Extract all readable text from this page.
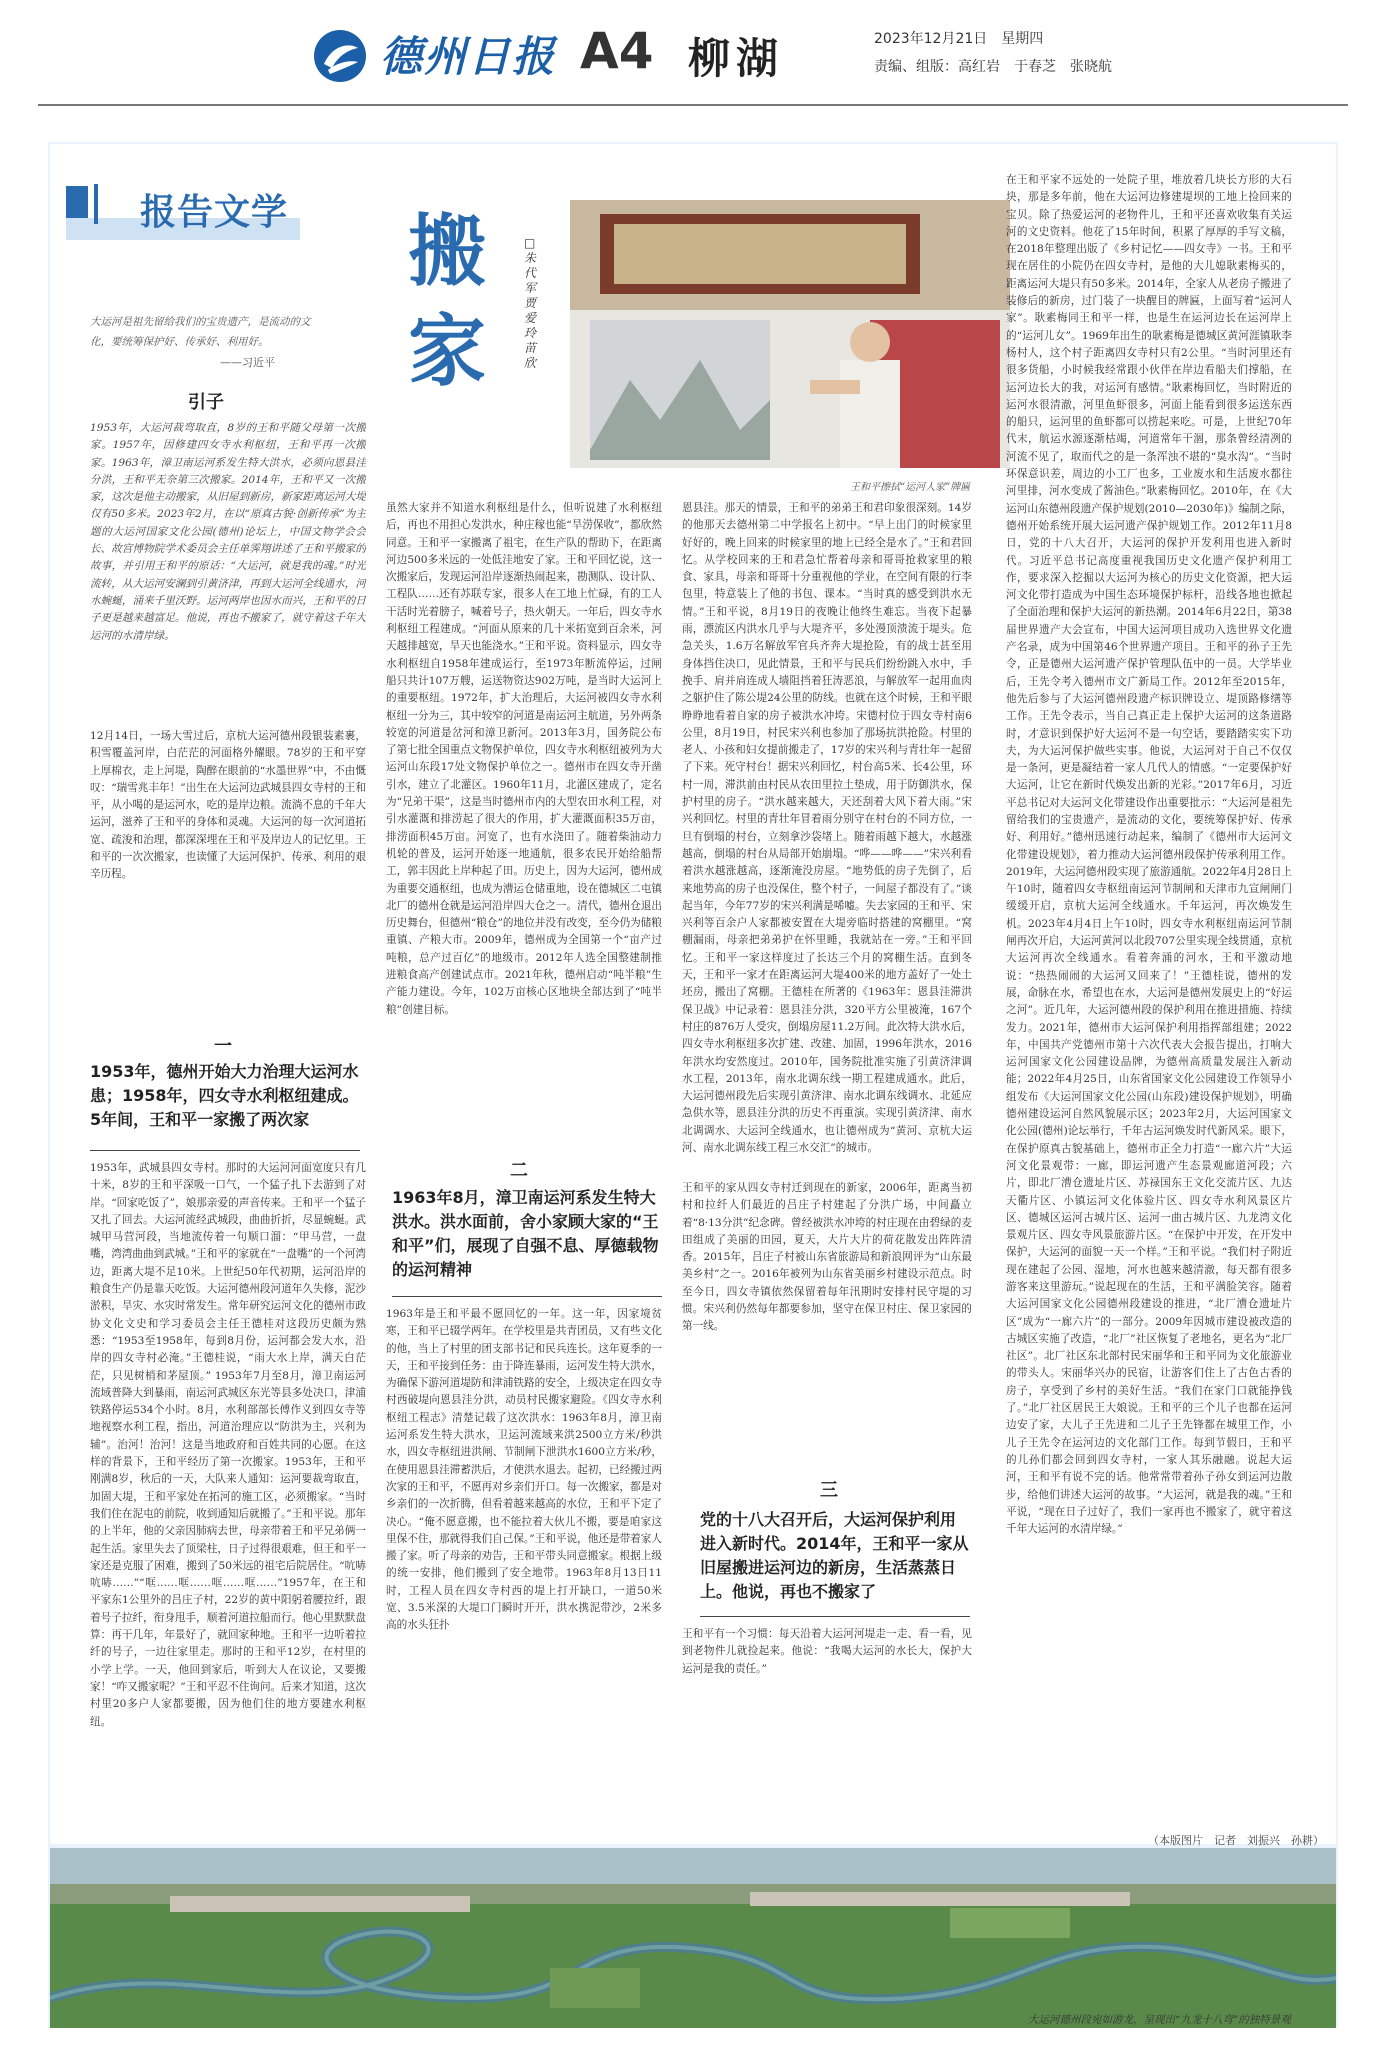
德州日报 A4 柳湖	2023年12月21日　星期四
责编、组版：高红岩　于春芝　张晓航
报告文学
大运河是祖先留给我们的宝贵遗产，是流动的文化，要统筹保护好、传承好、利用好。
——习近平
引子
1953年，大运河裁弯取直，8岁的王和平随父母第一次搬家。1957年，因修建四女寺水利枢纽，王和平再一次搬家。1963年，漳卫南运河系发生特大洪水，必须向恩县洼分洪，王和平无奈第三次搬家。2014年，王和平又一次搬家，这次是他主动搬家，从旧屋到新房，新家距离运河大堤仅有50多米。2023年2月，在以“原真古貌·创新传承”为主题的大运河国家文化公园(德州)论坛上，中国文物学会会长、故宫博物院学术委员会主任单霁翔讲述了王和平搬家的故事，并引用王和平的原话：“大运河，就是我的魂。”时光流转，从大运河安澜到引黄济津，再到大运河全线通水，河水蜿蜒，涌来千里沃野。运河两岸也因水而兴，王和平的日子更是越来越富足。他说，再也不搬家了，就守着这千年大运河的水清岸绿。
12月14日，一场大雪过后，京杭大运河德州段银装素裹，积雪覆盖河岸，白茫茫的河面格外耀眼。78岁的王和平穿上厚棉衣，走上河堤，陶醉在眼前的“水墨世界”中，不由慨叹：“瑞雪兆丰年！”出生在大运河边武城县四女寺村的王和平，从小喝的是运河水，吃的是岸边粮。流淌不息的千年大运河，滋养了王和平的身体和灵魂。大运河的每一次河道拓宽、疏浚和治理，都深深埋在王和平及岸边人的记忆里。王和平的一次次搬家，也读懂了大运河保护、传承、利用的艰辛历程。
一
1953年，德州开始大力治理大运河水患；1958年，四女寺水利枢纽建成。5年间，王和平一家搬了两次家
1953年，武城县四女寺村。那时的大运河河面宽度只有几十米，8岁的王和平深吸一口气，一个猛子扎下去游到了对岸。“回家吃饭了”，娘那亲爱的声音传来。王和平一个猛子又扎了回去。大运河流经武城段，曲曲折折，尽显蜿蜒。武城甲马营河段，当地流传着一句顺口溜：“甲马营，一盘嘴，湾湾曲曲到武城。”王和平的家就在“一盘嘴”的一个河湾边，距离大堤不足10米。上世纪50年代初期，运河沿岸的粮食生产仍是靠天吃饭。大运河德州段河道年久失修，泥沙淤积，旱灾、水灾时常发生。常年研究运河文化的德州市政协文化文史和学习委员会主任王德桂对这段历史颇为熟悉：“1953至1958年，每到8月份，运河都会发大水，沿岸的四女寺村必淹。”王德桂说，“雨大水上岸，满天白茫茫，只见树梢和茅屋顶。” 1953年7月至8月，漳卫南运河流域普降大到暴雨，南运河武城区东光等县多处决口，津浦铁路停运534个小时。8月，水利部部长傅作义到四女寺等地视察水利工程，指出，河道治理应以“防洪为主，兴利为辅”。治河！治河！这是当地政府和百姓共同的心愿。在这样的背景下，王和平经历了第一次搬家。1953年，王和平刚满8岁，秋后的一天，大队来人通知：运河要裁弯取直，加固大堤，王和平家处在拓河的施工区，必须搬家。“当时我们住在泥屯的前院，收到通知后就搬了。”王和平说。那年的上半年，他的父亲因肺病去世，母亲带着王和平兄弟俩一起生活。家里失去了顶梁柱，日子过得很艰难，但王和平一家还是克服了困难，搬到了50米远的祖宅后院居住。“吭哧吭哧……”“哐……哐……哐……哐……”1957年，在王和平家东1公里外的吕庄子村，22岁的黄中阳躬着腰拉纤，跟着号子拉纤，衔身甩手，顺着河道拉船而行。他心里默默盘算：再干几年，年景好了，就回家种地。王和平一边听着拉纤的号子，一边往家里走。那时的王和平12岁，在村里的小学上学。一天，他回到家后，听到大人在议论，又要搬家！“咋又搬家呢？”王和平忍不住询问。后来才知道，这次村里20多户人家都要搬，因为他们住的地方要建水利枢纽。
搬家
□朱代军　贾爱玲　苗欣
王和平擦拭“运河人家”牌匾
虽然大家并不知道水利枢纽是什么，但听说建了水利枢纽后，再也不用担心发洪水，种庄稼也能“旱涝保收”，都欣然同意。王和平一家搬离了祖宅，在生产队的帮助下，在距离河边500多米远的一处低洼地安了家。王和平回忆说，这一次搬家后，发现运河沿岸逐渐热闹起来，勘测队、设计队、工程队……还有苏联专家，很多人在工地上忙碌，有的工人干活时光着膀子，喊着号子，热火朝天。一年后，四女寺水利枢纽工程建成。“河面从原来的几十米拓宽到百余米，河天越排越宽，旱天也能浇水。”王和平说。资料显示，四女寺水利枢纽自1958年建成运行，至1973年断流停运，过闸船只共计107万艘，运送物资达902万吨，是当时大运河上的重要枢纽。1972年，扩大治理后，大运河被四女寺水利枢纽一分为三，其中较窄的河道是南运河主航道，另外两条较宽的河道是岔河和漳卫新河。2013年3月，国务院公布了第七批全国重点文物保护单位，四女寺水利枢纽被列为大运河山东段17处文物保护单位之一。德州市在四女寺开凿引水，建立了北灌区。1960年11月，北灌区建成了，定名为“兄弟干渠”，这是当时德州市内的大型农田水利工程，对引水灌溉和排涝起了很大的作用，扩大灌溉面积35万亩，排涝面积45万亩。河宽了，也有水浇田了。随着柴油动力机轮的普及，运河开始逐一地通航，很多农民开始给船帮工，郭丰因此上岸种起了田。历史上，因为大运河，德州成为重要交通枢纽，也成为漕运仓储重地，设在德城区二屯镇北厂的德州仓就是运河沿岸四大仓之一。清代，德州仓退出历史舞台，但德州“粮仓”的地位并没有改变，至今仍为储粮重镇、产粮大市。2009年，德州成为全国第一个“亩产过吨粮，总产过百亿”的地级市。2012年人选全国整建制推进粮食高产创建试点市。2021年秋，德州启动“吨半粮”生产能力建设。今年，102万亩核心区地块全部达到了“吨半粮”创建目标。
二
1963年8月，漳卫南运河系发生特大洪水。洪水面前，舍小家顾大家的“王和平”们，展现了自强不息、厚德载物的运河精神
1963年是王和平最不愿回忆的一年。这一年，因家境贫寒，王和平已辍学两年。在学校里是共青团员，又有些文化的他，当上了村里的团支部书记和民兵连长。这年夏季的一天，王和平接到任务：由于降连暴雨，运河发生特大洪水，为确保下游河道堤防和津浦铁路的安全，上级决定在四女寺村西破堤向恩县洼分洪，动员村民搬家避险。《四女寺水利枢纽工程志》清楚记载了这次洪水：1963年8月，漳卫南运河系发生特大洪水，卫运河流域来洪2500立方米/秒洪水，四女寺枢纽进洪闸、节制闸下泄洪水1600立方米/秒，在使用恩县洼滞蓄洪后，才使洪水退去。起初，已经搬过两次家的王和平，不愿再对乡亲们开口。每一次搬家，都是对乡亲们的一次折腾，但看着越来越高的水位，王和平下定了决心。“俺不愿意搬，也不能拉着大伙儿不搬，要是咱家这里保不住，那就得我们自己保。”王和平说，他还是带着家人搬了家。听了母亲的劝告，王和平带头同意搬家。根据上级的统一安排，他们搬到了安全地带。1963年8月13日11时，工程人员在四女寺村西的堤上打开缺口，一道50米宽、3.5米深的大堤口门瞬时开开，洪水携泥带沙，2米多高的水头狂扑
恩县洼。那天的情景，王和平的弟弟王和君印象很深刻。14岁的他那天去德州第二中学报名上初中。“早上出门的时候家里好好的，晚上回来的时候家里的地上已经全是水了。”王和君回忆。从学校回来的王和君急忙帮着母亲和哥哥抢救家里的粮食、家具，母亲和哥哥十分重视他的学业，在空间有限的行李包里，特意装上了他的书包、课本。“当时真的感受到洪水无情。”王和平说，8月19日的夜晚让他终生难忘。当夜下起暴雨，漂流区内洪水几乎与大堤齐平，多处漫顶溃流于堤头。危急关头，1.6万名解放军官兵齐奔大堤抢险，有的战士甚至用身体挡住决口，见此情景，王和平与民兵们纷纷跳入水中，手挽手、肩并肩连成人墙阻挡着狂涛恶浪，与解放军一起用血肉之躯护住了陈公堤24公里的防线。也就在这个时候，王和平眼睁睁地看着自家的房子被洪水冲垮。宋德村位于四女寺村南6公里，8月19日，村民宋兴利也参加了那场抗洪抢险。村里的老人、小孩和妇女提前搬走了，17岁的宋兴利与青壮年一起留了下来。死守村台！据宋兴利回忆，村台高5米、长4公里，环村一周，滞洪前由村民从农田里拉土垫成，用于防御洪水，保护村里的房子。“洪水越来越大，天还刮着大风下着大雨。”宋兴利回忆。村里的青壮年冒着雨分别守在村台的不同方位，一旦有倒塌的村台，立刻拿沙袋堵上。随着雨越下越大，水越涨越高，倒塌的村台从局部开始崩塌。“哗——哗——”宋兴利看着洪水越涨越高，逐渐淹没房屋。“地势低的房子先倒了，后来地势高的房子也没保住，整个村子，一间屋子都没有了。”谈起当年，今年77岁的宋兴利满是唏嘘。失去家园的王和平、宋兴利等百余户人家都被安置在大堤旁临时搭建的窝棚里。“窝棚漏雨，母亲把弟弟护在怀里睡，我就站在一旁。”王和平回忆。王和平一家这样度过了长达三个月的窝棚生活。直到冬天，王和平一家才在距离运河大堤400米的地方盖好了一处土坯房，搬出了窝棚。王德桂在所著的《1963年：恩县洼滞洪保卫战》中记录着：恩县洼分洪，320平方公里被淹，167个村庄的876万人受灾，倒塌房屋11.2万间。此次特大洪水后，四女寺水利枢纽多次扩建、改建、加固，1996年洪水，2016年洪水均安然度过。2010年，国务院批准实施了引黄济津调水工程，2013年，南水北调东线一期工程建成通水。此后，大运河德州段先后实现引黄济津、南水北调东线调水、北延应急供水等，恩县洼分洪的历史不再重演。实现引黄济津、南水北调调水、大运河全线通水，也让德州成为“黄河、京杭大运河、南水北调东线工程三水交汇”的城市。
王和平的家从四女寺村迁到现在的新家，2006年，距离当初村和拉纤人们最近的吕庄子村建起了分洪广场，中间矗立着“8·13分洪”纪念碑。曾经被洪水冲垮的村庄现在由碧绿的麦田组成了美丽的田园，夏天，大片大片的荷花散发出阵阵清香。2015年，吕庄子村被山东省旅游局和新浪网评为“山东最美乡村”之一。2016年被列为山东省美丽乡村建设示范点。时至今日，四女寺镇依然保留着每年汛期时安排村民守堤的习惯。宋兴利仍然每年都要参加，坚守在保卫村庄、保卫家园的第一线。
三
党的十八大召开后，大运河保护利用进入新时代。2014年，王和平一家从旧屋搬进运河边的新房，生活蒸蒸日上。他说，再也不搬家了
王和平有一个习惯：每天沿着大运河河堤走一走、看一看，见到老物件儿就捡起来。他说：“我喝大运河的水长大，保护大运河是我的责任。”
在王和平家不远处的一处院子里，堆放着几块长方形的大石块，那是多年前，他在大运河边修建堤坝的工地上捡回来的宝贝。除了热爱运河的老物件儿，王和平还喜欢收集有关运河的文史资料。他花了15年时间，积累了厚厚的手写文稿，在2018年整理出版了《乡村记忆——四女寺》一书。王和平现在居住的小院仍在四女寺村，是他的大儿媳耿素梅买的，距离运河大堤只有50多米。2014年，全家人从老房子搬进了装修后的新房，过门装了一块醒目的牌匾，上面写着“运河人家”。耿素梅同王和平一样，也是生在运河边长在运河岸上的“运河儿女”。1969年出生的耿素梅是德城区黄河涯镇耿李杨村人，这个村子距离四女寺村只有2公里。“当时河里还有很多货船，小时候我经常跟小伙伴在岸边看船夫们撑船，在运河边长大的我，对运河有感情。”耿素梅回忆，当时附近的运河水很清澈，河里鱼虾很多，河面上能看到很多运送东西的船只，运河里的鱼虾都可以捞起来吃。可是，上世纪70年代末，航运水源逐渐枯竭，河道常年干涸，那条曾经清冽的河流不见了，取而代之的是一条浑浊不堪的“臭水沟”。“当时环保意识差，周边的小工厂也多，工业废水和生活废水都往河里排，河水变成了酱油色。”耿素梅回忆。2010年，在《大运河山东德州段遗产保护规划(2010—2030年)》编制之际，德州开始系统开展大运河遗产保护规划工作。2012年11月8日，党的十八大召开，大运河的保护开发利用也进入新时代。习近平总书记高度重视我国历史文化遗产保护利用工作，要求深入挖掘以大运河为核心的历史文化资源，把大运河文化带打造成为中国生态环境保护标杆，沿线各地也掀起了全面治理和保护大运河的新热潮。2014年6月22日，第38届世界遗产大会宣布，中国大运河项目成功入选世界文化遗产名录，成为中国第46个世界遗产项目。王和平的孙子王先令，正是德州大运河遗产保护管理队伍中的一员。大学毕业后，王先令考入德州市文广新局工作。2012年至2015年，他先后参与了大运河德州段遗产标识牌设立、堤顶路修缮等工作。王先令表示，当自己真正走上保护大运河的这条道路时，才意识到保护好大运河不是一句空话，要踏踏实实下功夫，为大运河保护做些实事。他说，大运河对于自己不仅仅是一条河，更是凝结着一家人几代人的情感。“一定要保护好大运河，让它在新时代焕发出新的光彩。”2017年6月，习近平总书记对大运河文化带建设作出重要批示：“大运河是祖先留给我们的宝贵遗产，是流动的文化，要统筹保护好、传承好、利用好。”德州迅速行动起来，编制了《德州市大运河文化带建设规划》，着力推动大运河德州段保护传承利用工作。2019年，大运河德州段实现了旅游通航。2022年4月28日上午10时，随着四女寺枢纽南运河节制闸和天津市九宣闸闸门缓缓开启，京杭大运河全线通水。千年运河，再次焕发生机。2023年4月4日上午10时，四女寺水利枢纽南运河节制闸再次开启，大运河黄河以北段707公里实现全线贯通，京杭大运河再次全线通水。看着奔涌的河水，王和平激动地说：“热热闹闹的大运河又回来了！”王德桂说，德州的发展，命脉在水，希望也在水，大运河是德州发展史上的“好运之河”。近几年，大运河德州段的保护利用在推进措施、持续发力。2021年，德州市大运河保护利用指挥部组建；2022年，中国共产党德州市第十六次代表大会报告提出，打响大运河国家文化公园建设品牌，为德州高质量发展注入新动能；2022年4月25日，山东省国家文化公园建设工作领导小组发布《大运河国家文化公园(山东段)建设保护规划》，明确德州建设运河自然风貌展示区；2023年2月，大运河国家文化公园(德州)论坛举行，千年古运河焕发时代新风采。眼下，在保护原真古貌基础上，德州市正全力打造“一廊六片”大运河文化景观带：一廊，即运河遗产生态景观廊道河段；六片，即北厂漕仓遗址片区、苏禄国东王文化交流片区、九达天衢片区、小镇运河文化体验片区、四女寺水利风景区片区、德城区运河古城片区、运河一曲古城片区、九龙湾文化景观片区、四女寺风景旅游片区。“在保护中开发，在开发中保护，大运河的面貌一天一个样。”王和平说。“我们村子附近现在建起了公园、湿地，河水也越来越清澈，每天都有很多游客来这里游玩。”说起现在的生活，王和平满脸笑容。随着大运河国家文化公园德州段建设的推进，“北厂漕仓遗址片区”成为“一廊六片”的一部分。2009年因城市建设被改造的古城区实施了改造，“北厂”社区恢复了老地名，更名为“北厂社区”。北厂社区东北部村民宋丽华和王和平同为文化旅游业的带头人。宋丽华兴办的民宿，让游客们住上了古色古香的房子，享受到了乡村的美好生活。“我们在家门口就能挣钱了。”北厂社区居民王大娘说。王和平的三个儿子也都在运河边安了家，大儿子王先进和二儿子王先锋都在城里工作，小儿子王先令在运河边的文化部门工作。每到节假日，王和平的儿孙们都会回到四女寺村，一家人其乐融融。说起大运河，王和平有说不完的话。他常常带着孙子孙女到运河边散步，给他们讲述大运河的故事。“大运河，就是我的魂。”王和平说，“现在日子过好了，我们一家再也不搬家了，就守着这千年大运河的水清岸绿。”
（本版图片　记者　刘振兴　孙耕）
大运河德州段宛如游龙，呈现出“九龙十八弯”的独特景观
